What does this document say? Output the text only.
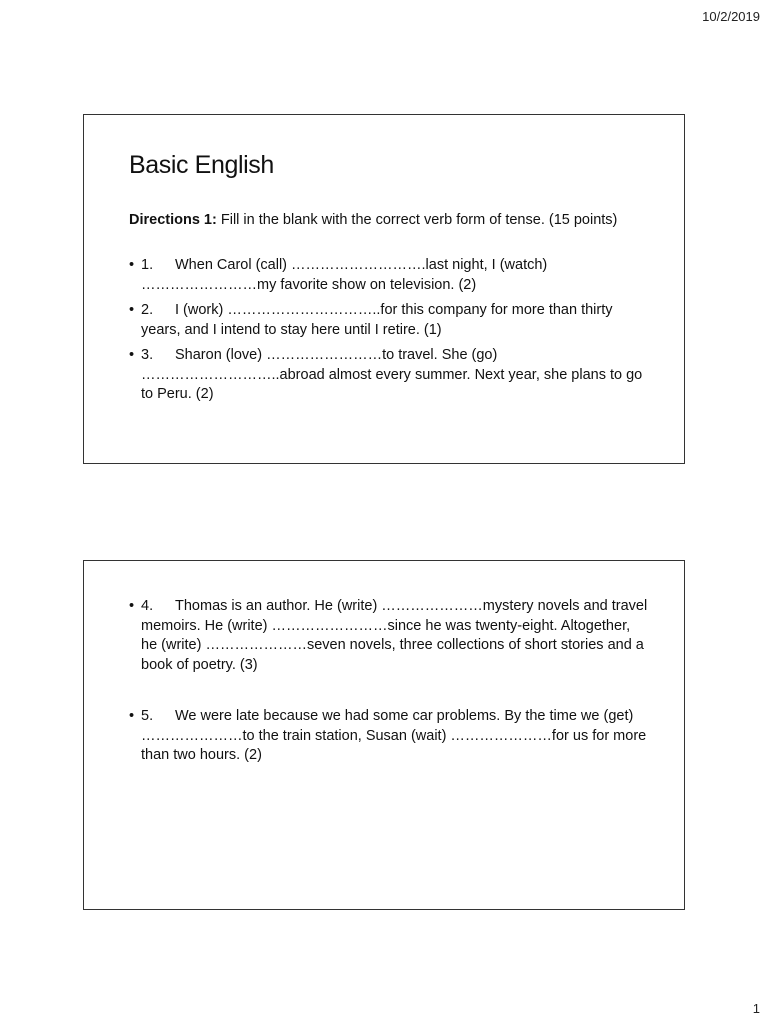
10/2/2019
Basic English

Directions 1: Fill in the blank with the correct verb form of tense. (15 points)

• 1. When Carol (call) ……………………….last night, I (watch) ……………………my favorite show on television. (2)
• 2. I (work) …………………………..for this company for more than thirty years, and I intend to stay here until I retire. (1)
• 3. Sharon (love) ……………………to travel. She (go) ………………………..abroad almost every summer. Next year, she plans to go to Peru. (2)
• 4. Thomas is an author. He (write) …………………mystery novels and travel memoirs. He (write) ……………………since he was twenty-eight. Altogether, he (write) …………………seven novels, three collections of short stories and a book of poetry. (3)
• 5. We were late because we had some car problems. By the time we (get) …………………to the train station, Susan (wait) …………………for us for more than two hours. (2)
1
